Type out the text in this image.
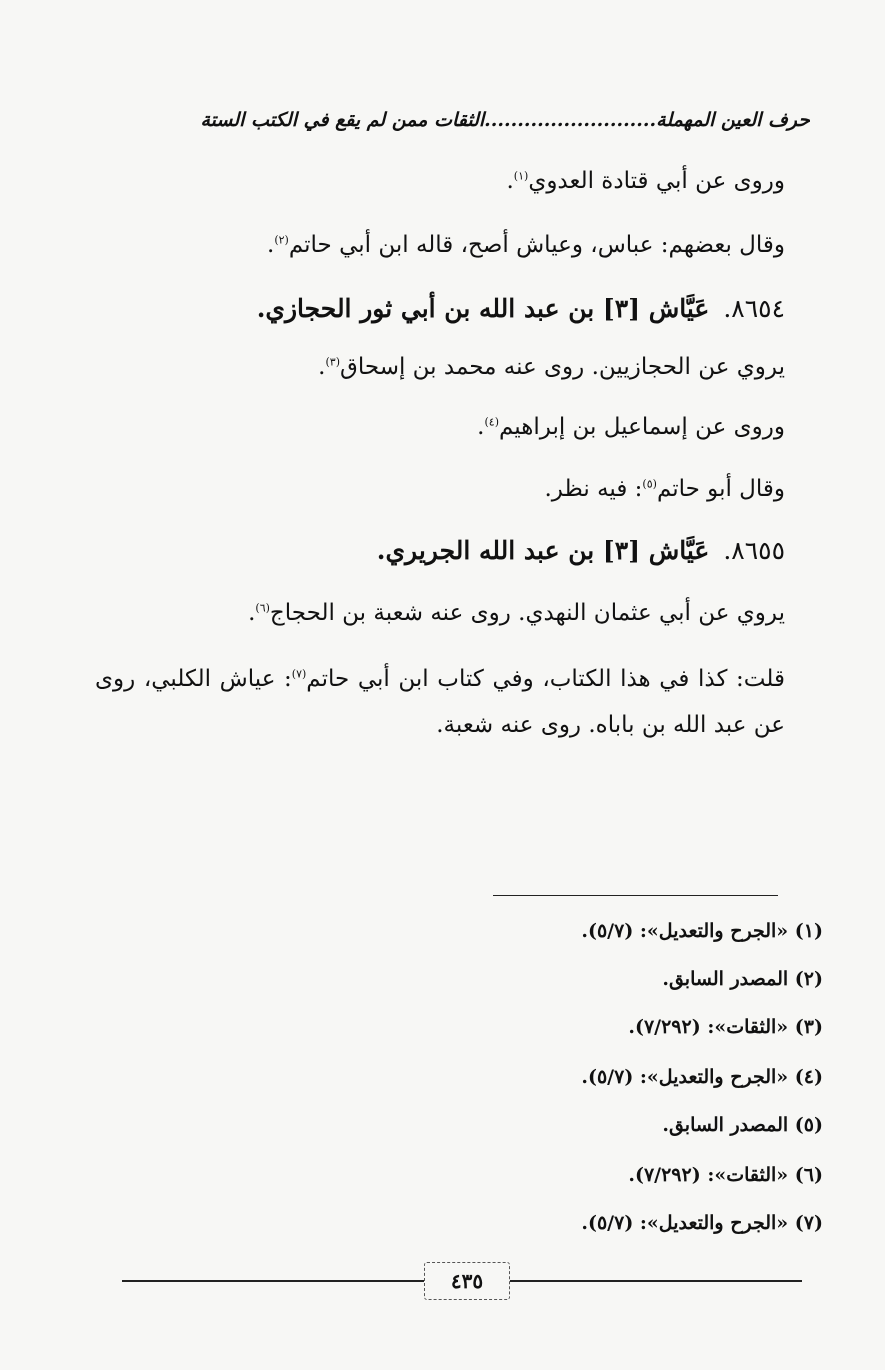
حرف العين المهملة..........................الثقات ممن لم يقع في الكتب الستة
وروى عن أبي قتادة العدوي$^{(١)}$.
وقال بعضهم: عباس، وعياش أصح، قاله ابن أبي حاتم$^{(٢)}$.
٨٦٥٤.عَيَّاش [٣] بن عبد الله بن أبي ثور الحجازي.
يروي عن الحجازيين. روى عنه محمد بن إسحاق$^{(٣)}$.
وروى عن إسماعيل بن إبراهيم$^{(٤)}$.
وقال أبو حاتم$^{(٥)}$: فيه نظر.
٨٦٥٥.عَيَّاش [٣] بن عبد الله الجريري.
يروي عن أبي عثمان النهدي. روى عنه شعبة بن الحجاج$^{(٦)}$.
قلت: كذا في هذا الكتاب، وفي كتاب ابن أبي حاتم$^{(٧)}$: عياش الكلبي، روى عن عبد الله بن باباه. روى عنه شعبة.
(١) «الجرح والتعديل»: (٥/٧).
(٢) المصدر السابق.
(٣) «الثقات»: (٧/٢٩٢).
(٤) «الجرح والتعديل»: (٥/٧).
(٥) المصدر السابق.
(٦) «الثقات»: (٧/٢٩٢).
(٧) «الجرح والتعديل»: (٥/٧).
٤٣٥
